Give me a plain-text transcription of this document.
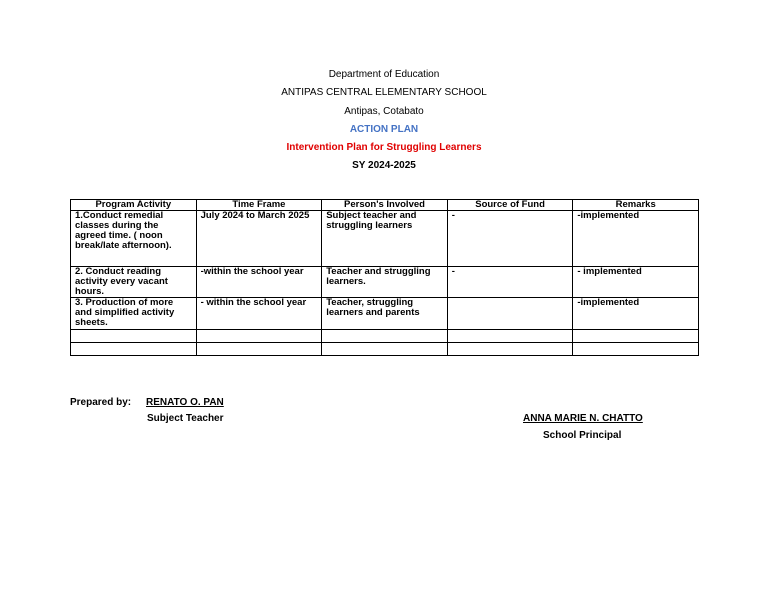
Department of Education
ANTIPAS CENTRAL ELEMENTARY SCHOOL
Antipas, Cotabato
ACTION PLAN
Intervention Plan for Struggling Learners
SY 2024-2025
Program Activity	Time Frame	Person's Involved	Source of Fund	Remarks
1.Conduct remedial classes during the agreed time. ( noon break/late afternoon).	July 2024 to March 2025	Subject teacher and struggling learners	-	-implemented
2. Conduct reading activity every vacant hours.	-within the school year	Teacher and struggling learners.	-	- implemented
3. Production of more and simplified activity sheets.	- within the school year	Teacher, struggling learners and parents		-implemented

Prepared by: RENATO O. PAN
Subject Teacher	ANNA MARIE N. CHATTO
School Principal
